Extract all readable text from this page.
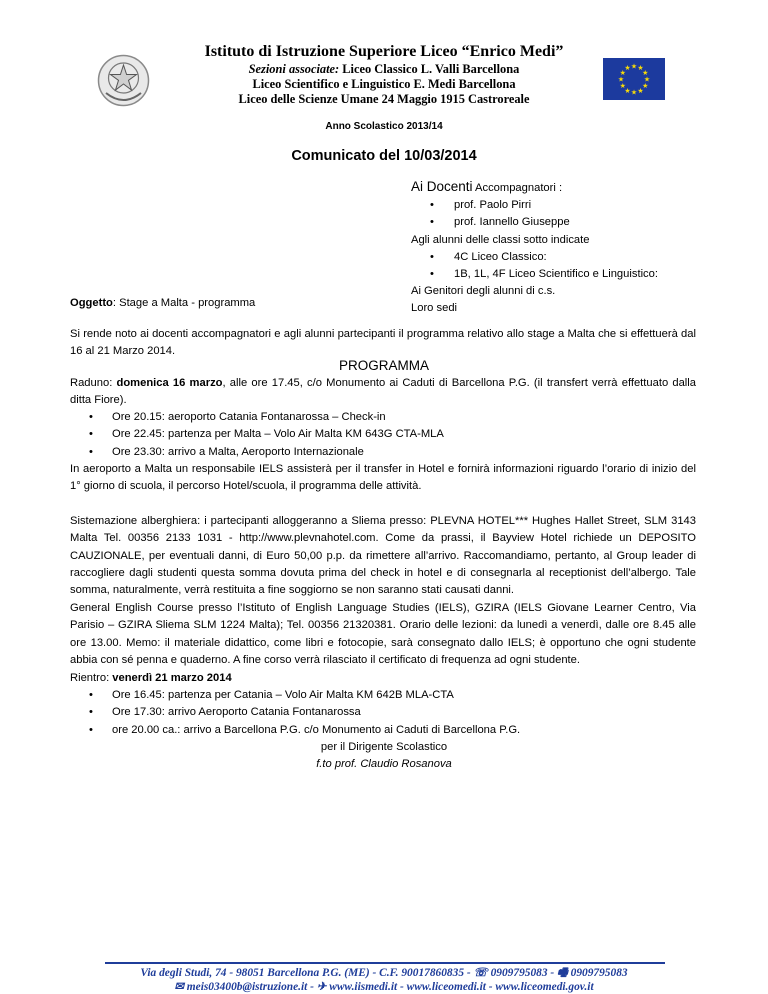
★
★
★
★
★
★
★
★
★ ★ ★
★
Istituto di Istruzione Superiore Liceo “Enrico Medi”
Sezioni associate: Liceo Classico L. Valli Barcellona
Liceo Scientifico e Linguistico E. Medi Barcellona
Liceo delle Scienze Umane 24 Maggio 1915 Castroreale
Anno Scolastico 2013/14
Comunicato del 10/03/2014
Ai Docenti Accompagnatori :
• prof. Paolo Pirri
• prof. Iannello Giuseppe
Agli alunni delle classi sotto indicate
• 4C Liceo Classico:
• 1B, 1L, 4F Liceo Scientifico e Linguistico:
Ai Genitori degli alunni di c.s.
Loro sedi
Oggetto: Stage a Malta - programma
Si rende noto ai docenti accompagnatori e agli alunni partecipanti il programma relativo allo stage a Malta che si effettuerà dal 16 al 21 Marzo 2014.
PROGRAMMA
Raduno: domenica 16 marzo, alle ore 17.45, c/o Monumento ai Caduti di Barcellona P.G. (il transfert verrà effettuato dalla ditta Fiore).
• Ore 20.15: aeroporto Catania Fontanarossa – Check-in
• Ore 22.45: partenza per Malta – Volo Air Malta KM 643G CTA-MLA
• Ore 23.30: arrivo a Malta, Aeroporto Internazionale
In aeroporto a Malta un responsabile IELS assisterà per il transfer in Hotel e fornirà informazioni riguardo l’orario di inizio del 1° giorno di scuola, il percorso Hotel/scuola, il programma delle attività.
Sistemazione alberghiera: i partecipanti alloggeranno a Sliema presso: PLEVNA HOTEL*** Hughes Hallet Street, SLM 3143 Malta Tel. 00356 2133 1031 - http://www.plevnahotel.com. Come da prassi, il Bayview Hotel richiede un DEPOSITO CAUZIONALE, per eventuali danni, di Euro 50,00 p.p. da rimettere all’arrivo. Raccomandiamo, pertanto, al Group leader di raccogliere dagli studenti questa somma dovuta prima del check in hotel e di consegnarla al receptionist dell’albergo. Tale somma, naturalmente, verrà restituita a fine soggiorno se non saranno stati causati danni.
General English Course presso l’Istituto of English Language Studies (IELS), GZIRA (IELS Giovane Learner Centro, Via Parisio – GZIRA Sliema SLM 1224 Malta); Tel. 00356 21320381. Orario delle lezioni: da lunedì a venerdì, dalle ore 8.45 alle ore 13.00. Memo: il materiale didattico, come libri e fotocopie, sarà consegnato dallo IELS; è opportuno che ogni studente abbia con sé penna e quaderno. A fine corso verrà rilasciato il certificato di frequenza ad ogni studente.
Rientro: venerdì 21 marzo 2014
• Ore 16.45: partenza per Catania – Volo Air Malta KM 642B MLA-CTA
• Ore 17.30: arrivo Aeroporto Catania Fontanarossa
• ore 20.00 ca.: arrivo a Barcellona P.G. c/o Monumento ai Caduti di Barcellona P.G.
per il Dirigente Scolastico
f.to prof. Claudio Rosanova
Via degli Studi, 74 - 98051 Barcellona P.G. (ME) - C.F. 90017860835 - ☏ 0909795083 - 🖷 0909795083
✉ meis03400b@istruzione.it - ✈ www.iismedi.it - www.liceomedi.it - www.liceomedi.gov.it
